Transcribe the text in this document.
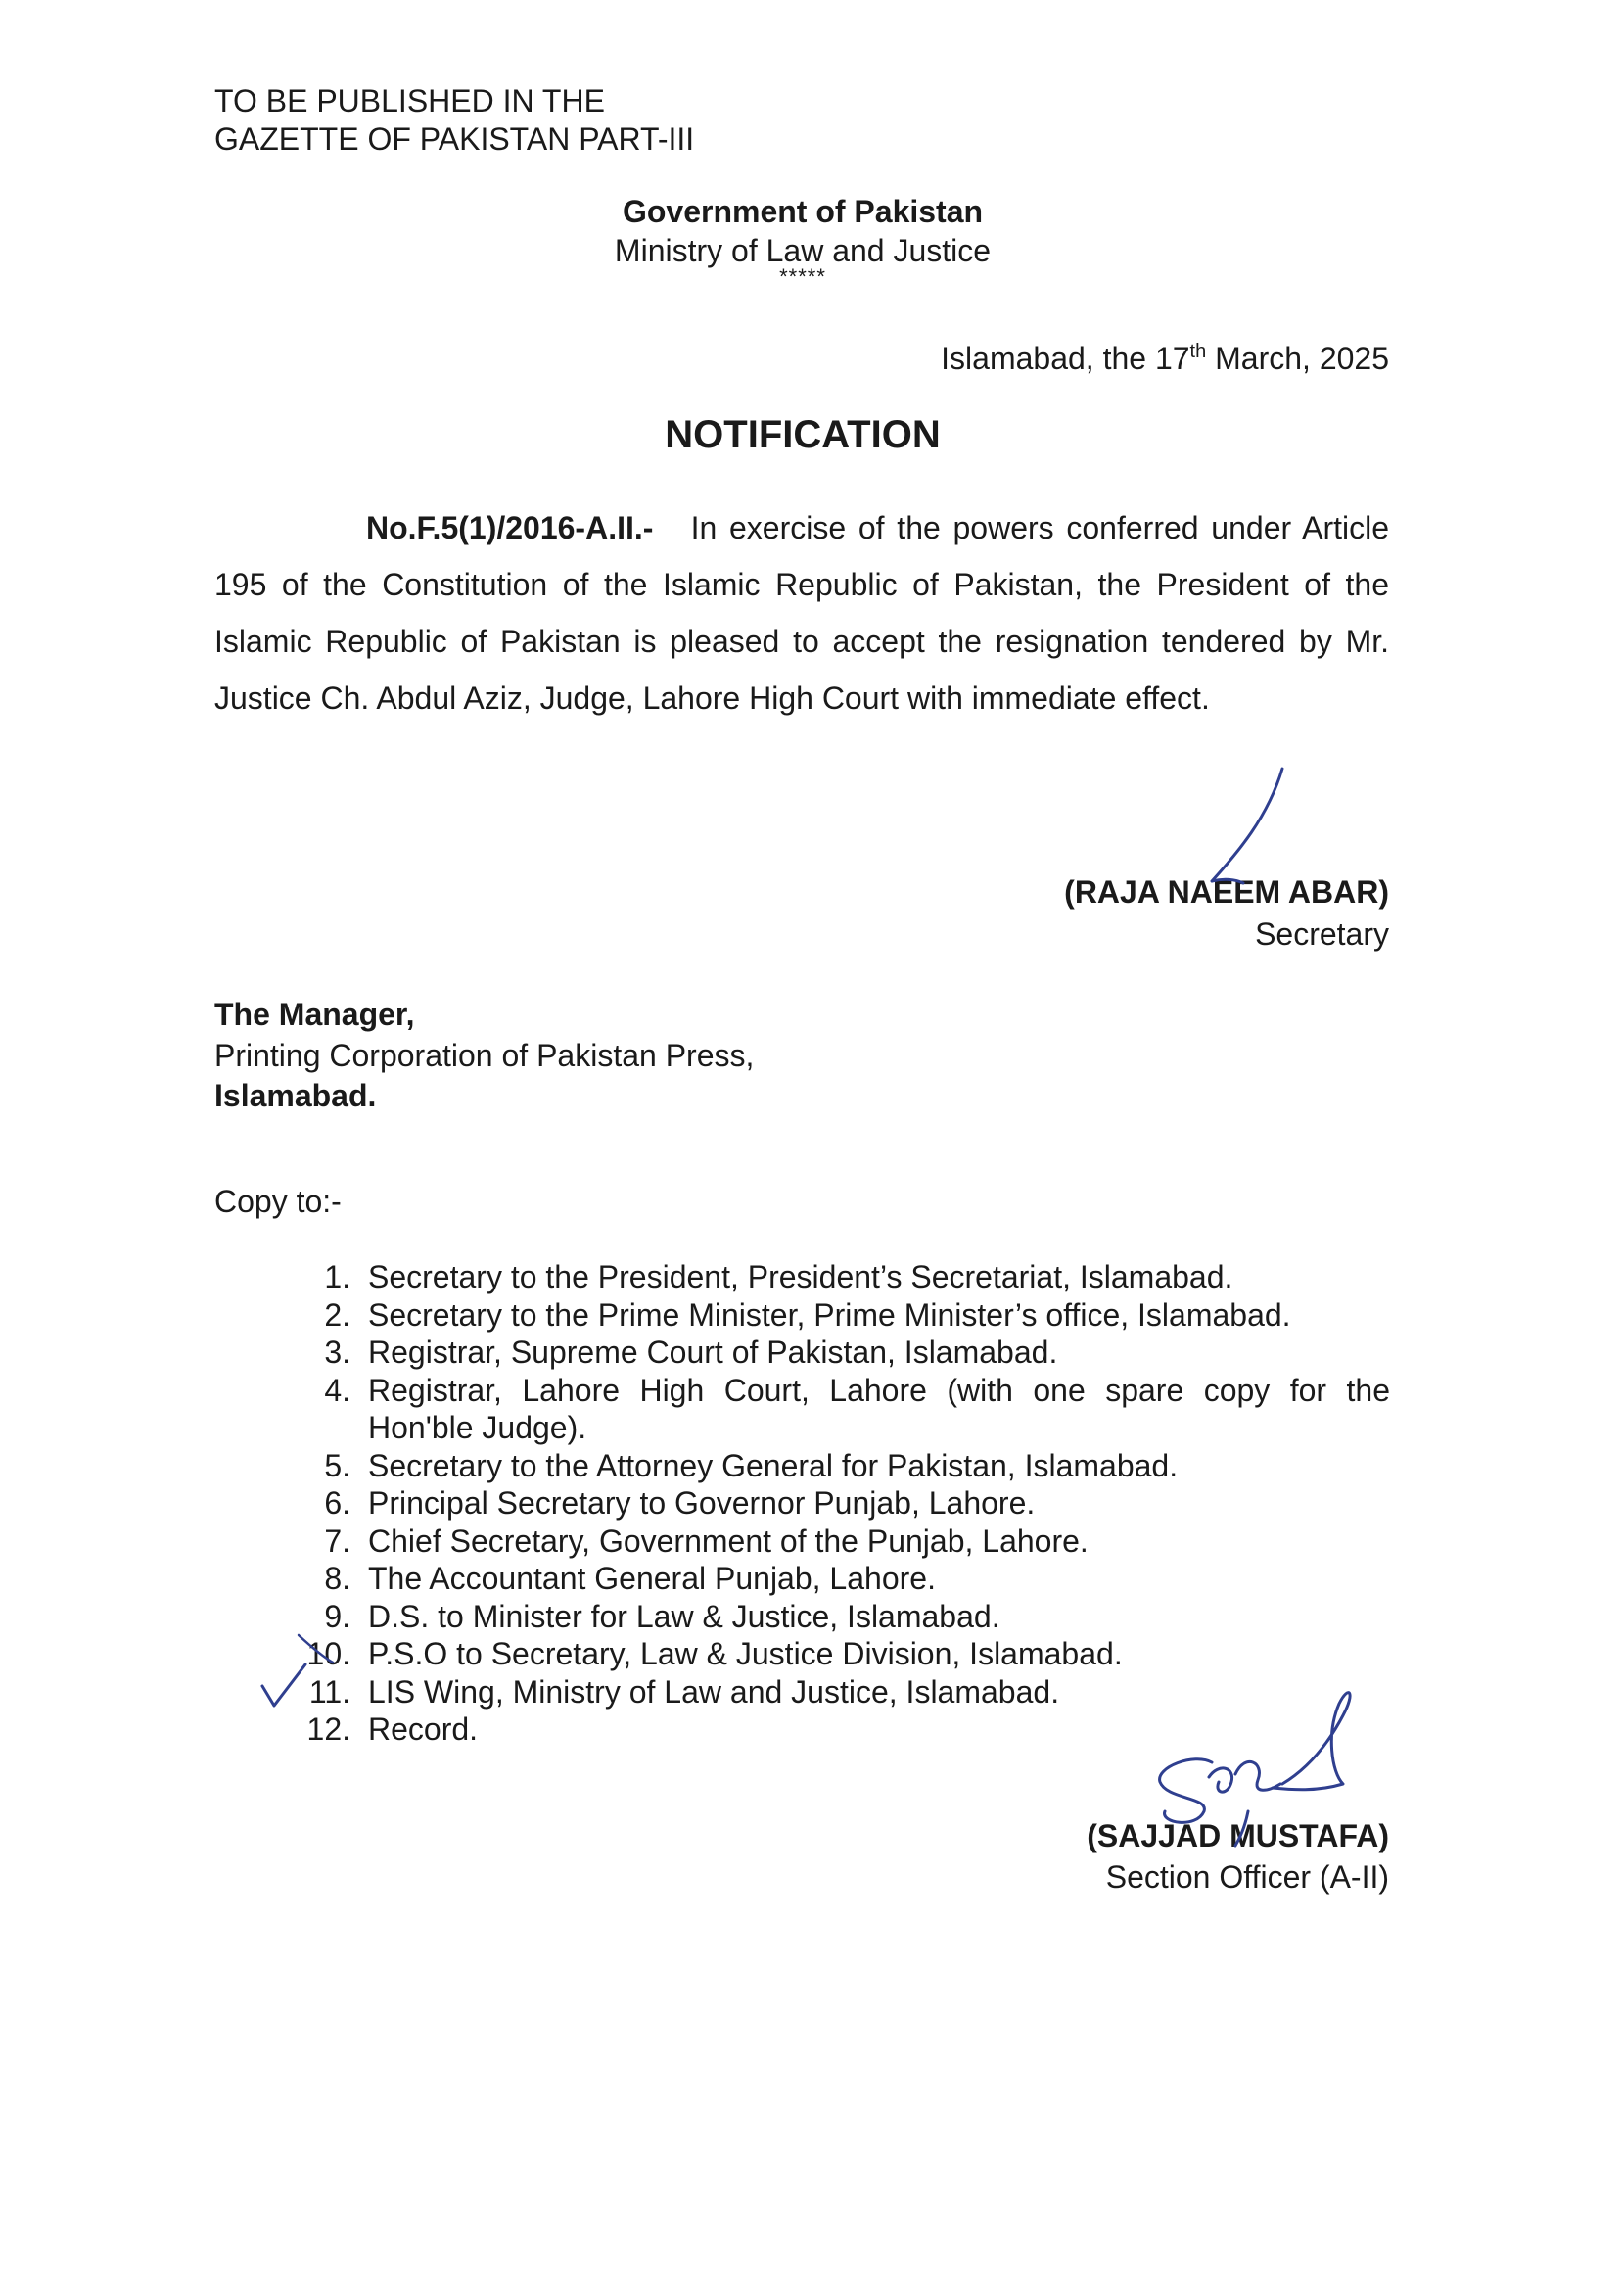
TO BE PUBLISHED IN THE
GAZETTE OF PAKISTAN PART-III
Government of Pakistan
Ministry of Law and Justice
*****
Islamabad, the 17th March, 2025
NOTIFICATION

No.F.5(1)/2016-A.II.- In exercise of the powers conferred under Article 195 of the Constitution of the Islamic Republic of Pakistan, the President of the Islamic Republic of Pakistan is pleased to accept the resignation tendered by Mr. Justice Ch. Abdul Aziz, Judge, Lahore High Court with immediate effect.

(RAJA NAEEM ABAR)
Secretary
The Manager,
Printing Corporation of Pakistan Press,
Islamabad.
Copy to:-
1. Secretary to the President, President’s Secretariat, Islamabad.
2. Secretary to the Prime Minister, Prime Minister’s office, Islamabad.
3. Registrar, Supreme Court of Pakistan, Islamabad.
4. Registrar, Lahore High Court, Lahore (with one spare copy for the Hon'ble Judge).
5. Secretary to the Attorney General for Pakistan, Islamabad.
6. Principal Secretary to Governor Punjab, Lahore.
7. Chief Secretary, Government of the Punjab, Lahore.
8. The Accountant General Punjab, Lahore.
9. D.S. to Minister for Law & Justice, Islamabad.
10. P.S.O to Secretary, Law & Justice Division, Islamabad.
11. LIS Wing, Ministry of Law and Justice, Islamabad.
12. Record.
(SAJJAD MUSTAFA)
Section Officer (A-II)
